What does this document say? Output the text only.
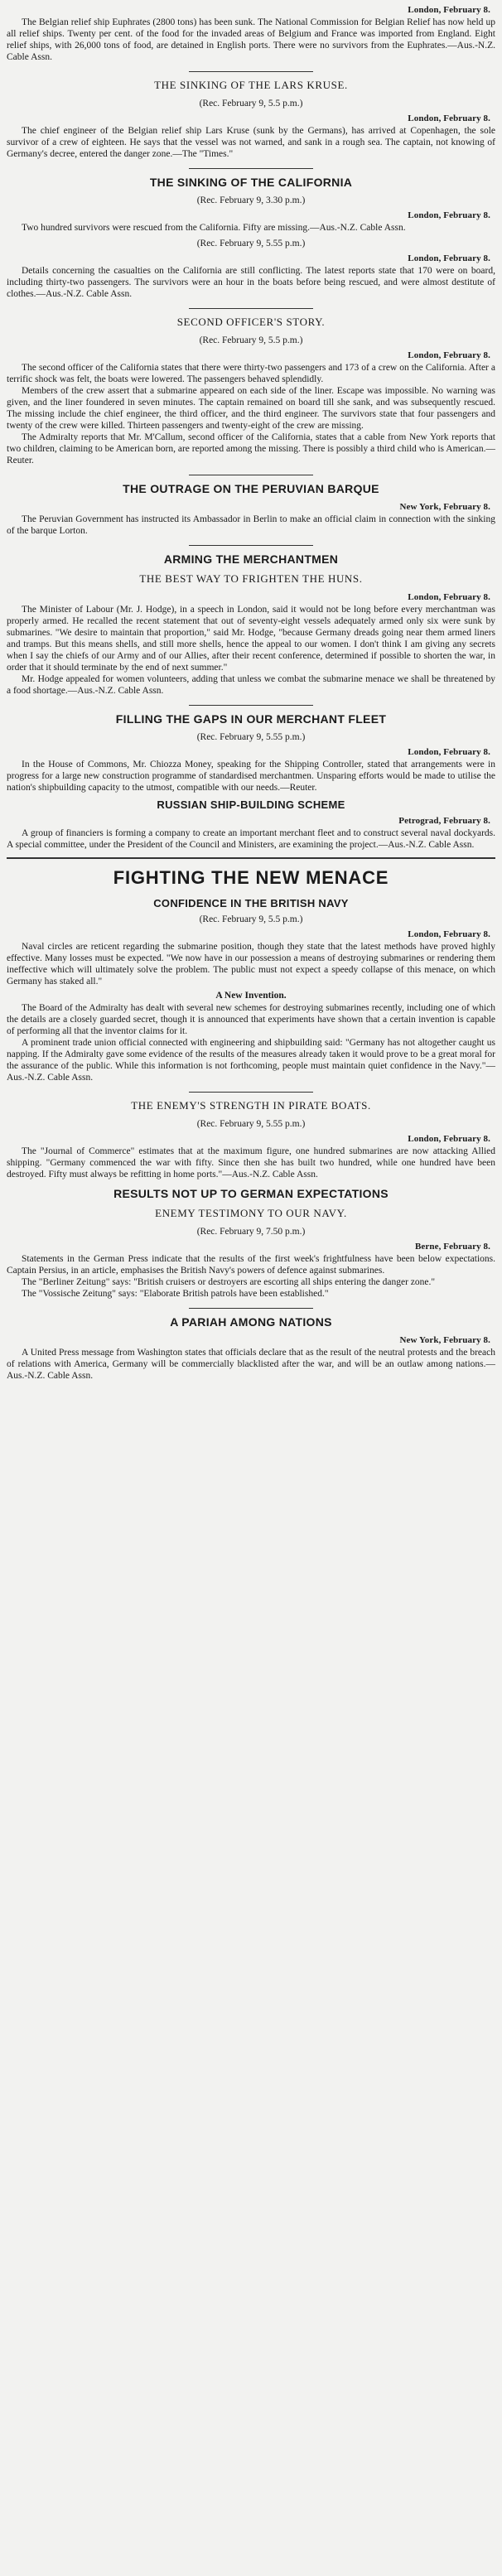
London, February 8.

The Belgian relief ship Euphrates (2800 tons) has been sunk. The National Commission for Belgian Relief has now held up all relief ships. Twenty per cent. of the food for the invaded areas of Belgium and France was imported from England. Eight relief ships, with 26,000 tons of food, are detained in English ports. There were no survivors from the Euphrates.—Aus.-N.Z. Cable Assn.

THE SINKING OF THE LARS KRUSE.
(Rec. February 9, 5.5 p.m.)
London, February 8.

The chief engineer of the Belgian relief ship Lars Kruse (sunk by the Germans), has arrived at Copenhagen, the sole survivor of a crew of eighteen. He says that the vessel was not warned, and sank in a rough sea. The captain, not knowing of Germany's decree, entered the danger zone.—The "Times."

THE SINKING OF THE CALIFORNIA
(Rec. February 9, 3.30 p.m.)
London, February 8.

Two hundred survivors were rescued from the California. Fifty are missing.—Aus.-N.Z. Cable Assn.

(Rec. February 9, 5.55 p.m.)
London, February 8.

Details concerning the casualties on the California are still conflicting. The latest reports state that 170 were on board, including thirty-two passengers. The survivors were an hour in the boats before being rescued, and were almost destitute of clothes.—Aus.-N.Z. Cable Assn.

SECOND OFFICER'S STORY.
(Rec. February 9, 5.5 p.m.)
London, February 8.

The second officer of the California states that there were thirty-two passengers and 173 of a crew on the California. After a terrific shock was felt, the boats were lowered. The passengers behaved splendidly.

Members of the crew assert that a submarine appeared on each side of the liner. Escape was impossible. No warning was given, and the liner foundered in seven minutes. The captain remained on board till she sank, and was subsequently rescued. The missing include the chief engineer, the third officer, and the third engineer. The survivors state that four passengers and twenty of the crew were killed. Thirteen passengers and twenty-eight of the crew are missing.

The Admiralty reports that Mr. M'Callum, second officer of the California, states that a cable from New York reports that two children, claiming to be American born, are reported among the missing. There is possibly a third child who is American.—Reuter.

THE OUTRAGE ON THE PERUVIAN BARQUE
New York, February 8.

The Peruvian Government has instructed its Ambassador in Berlin to make an official claim in connection with the sinking of the barque Lorton.

ARMING THE MERCHANTMEN
THE BEST WAY TO FRIGHTEN THE HUNS.
London, February 8.

The Minister of Labour (Mr. J. Hodge), in a speech in London, said it would not be long before every merchantman was properly armed. He recalled the recent statement that out of seventy-eight vessels adequately armed only six were sunk by submarines. "We desire to maintain that proportion," said Mr. Hodge, "because Germany dreads going near them armed liners and tramps. But this means shells, and still more shells, hence the appeal to our women. I don't think I am giving any secrets when I say the chiefs of our Army and of our Allies, after their recent conference, determined if possible to shorten the war, in order that it should terminate by the end of next summer."

Mr. Hodge appealed for women volunteers, adding that unless we combat the submarine menace we shall be threatened by a food shortage.—Aus.-N.Z. Cable Assn.

FILLING THE GAPS IN OUR MERCHANT FLEET
(Rec. February 9, 5.55 p.m.)
London, February 8.

In the House of Commons, Mr. Chiozza Money, speaking for the Shipping Controller, stated that arrangements were in progress for a large new construction programme of standardised merchantmen. Unsparing efforts would be made to utilise the nation's shipbuilding capacity to the utmost, compatible with our needs.—Reuter.

RUSSIAN SHIP-BUILDING SCHEME
Petrograd, February 8.

A group of financiers is forming a company to create an important merchant fleet and to construct several naval dockyards. A special committee, under the President of the Council and Ministers, are examining the project.—Aus.-N.Z. Cable Assn.

FIGHTING THE NEW MENACE
CONFIDENCE IN THE BRITISH NAVY
(Rec. February 9, 5.5 p.m.)
London, February 8.

Naval circles are reticent regarding the submarine position, though they state that the latest methods have proved highly effective. Many losses must be expected. "We now have in our possession a means of destroying submarines or rendering them ineffective which will ultimately solve the problem. The public must not expect a speedy collapse of this menace, on which Germany has staked all."

A New Invention.

The Board of the Admiralty has dealt with several new schemes for destroying submarines recently, including one of which the details are a closely guarded secret, though it is announced that experiments have shown that a certain invention is capable of performing all that the inventor claims for it.

A prominent trade union official connected with engineering and shipbuilding said: "Germany has not altogether caught us napping. If the Admiralty gave some evidence of the results of the measures already taken it would prove to be a great moral for the assurance of the public. While this information is not forthcoming, people must maintain quiet confidence in the Navy."—Aus.-N.Z. Cable Assn.

THE ENEMY'S STRENGTH IN PIRATE BOATS.
(Rec. February 9, 5.55 p.m.)
London, February 8.

The "Journal of Commerce" estimates that at the maximum figure, one hundred submarines are now attacking Allied shipping. "Germany commenced the war with fifty. Since then she has built two hundred, while one hundred have been destroyed. Fifty must always be refitting in home ports."—Aus.-N.Z. Cable Assn.

RESULTS NOT UP TO GERMAN EXPECTATIONS
ENEMY TESTIMONY TO OUR NAVY.
(Rec. February 9, 7.50 p.m.)
Berne, February 8.

Statements in the German Press indicate that the results of the first week's frightfulness have been below expectations. Captain Persius, in an article, emphasises the British Navy's powers of defence against submarines.

The "Berliner Zeitung" says: "British cruisers or destroyers are escorting all ships entering the danger zone."

The "Vossische Zeitung" says: "Elaborate British patrols have been established."

A PARIAH AMONG NATIONS
New York, February 8.

A United Press message from Washington states that officials declare that as the result of the neutral protests and the breach of relations with America, Germany will be commercially blacklisted after the war, and will be an outlaw among nations.—Aus.-N.Z. Cable Assn.
